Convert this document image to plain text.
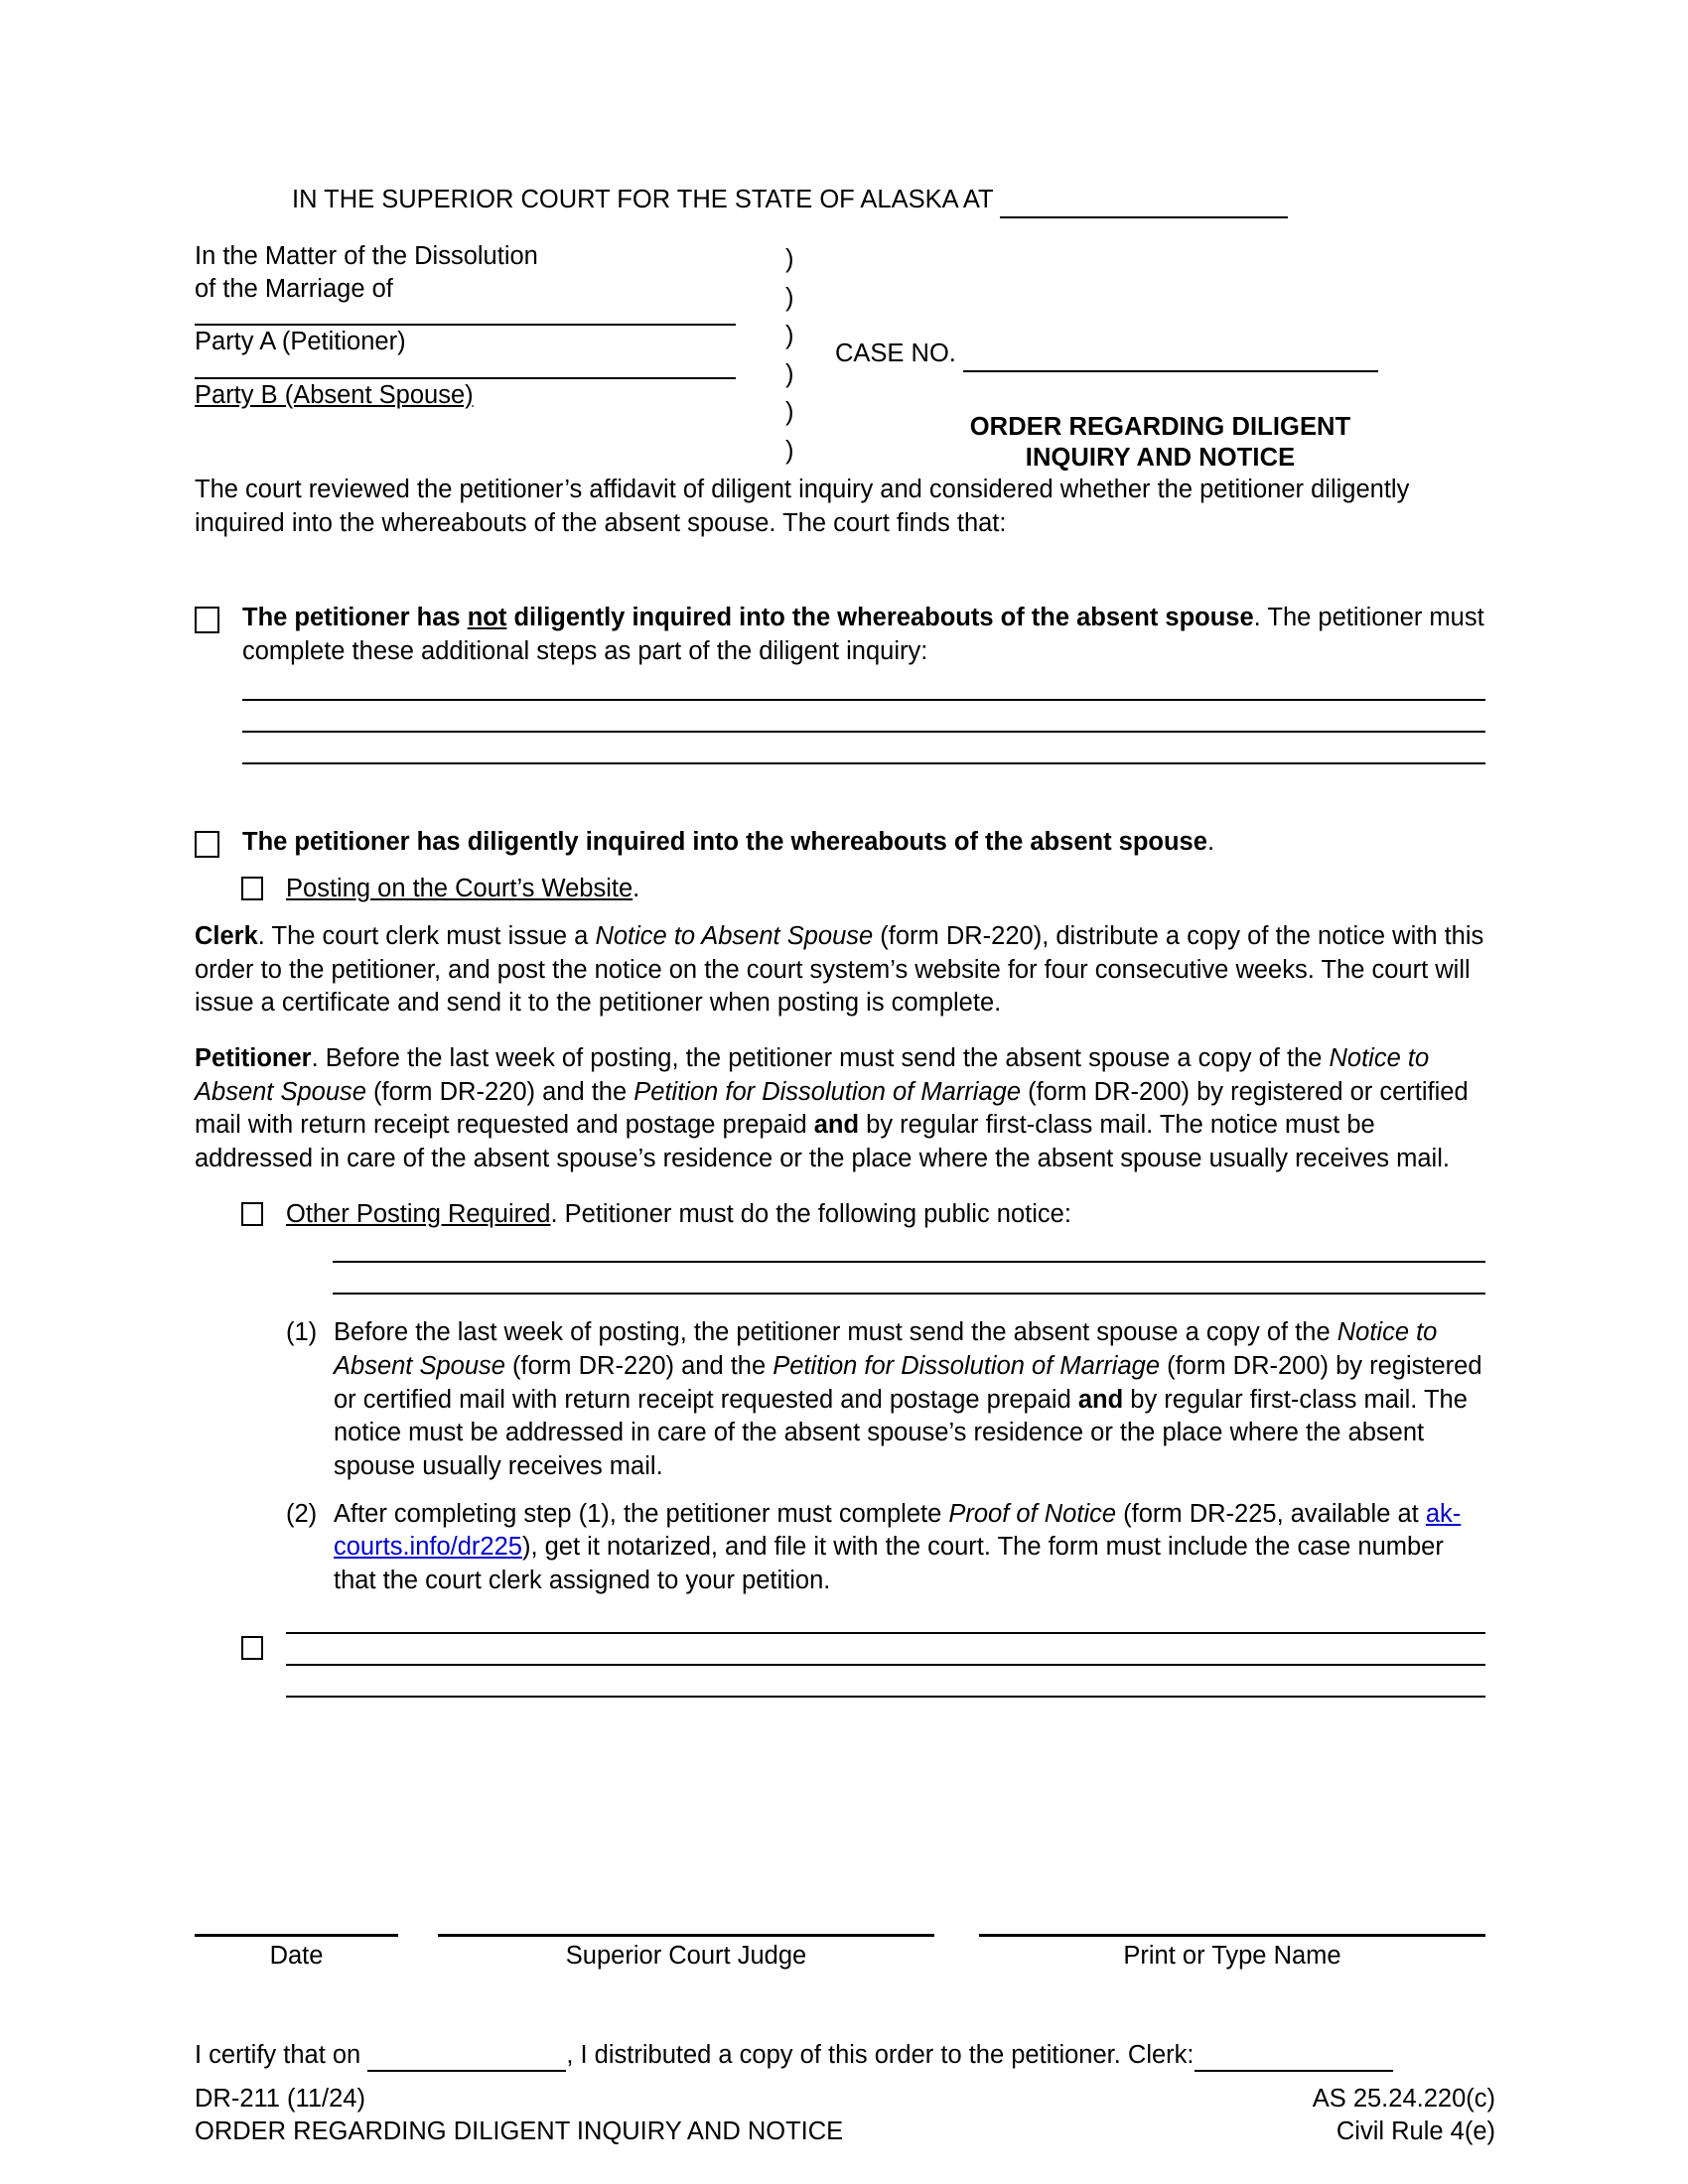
IN THE SUPERIOR COURT FOR THE STATE OF ALASKA AT
In the Matter of the Dissolution
of the Marriage of
Party A (Petitioner)
Party B (Absent Spouse)
)
)
)
)
)
)
CASE NO.
ORDER REGARDING DILIGENT
INQUIRY AND NOTICE

The court reviewed the petitioner’s affidavit of diligent inquiry and considered whether the petitioner diligently inquired into the whereabouts of the absent spouse. The court finds that:

The petitioner has not diligently inquired into the whereabouts of the absent spouse. The petitioner must complete these additional steps as part of the diligent inquiry:
The petitioner has diligently inquired into the whereabouts of the absent spouse.
Posting on the Court’s Website.

Clerk. The court clerk must issue a Notice to Absent Spouse (form DR-220), distribute a copy of the notice with this order to the petitioner, and post the notice on the court system’s website for four consecutive weeks. The court will issue a certificate and send it to the petitioner when posting is complete.

Petitioner. Before the last week of posting, the petitioner must send the absent spouse a copy of the Notice to Absent Spouse (form DR-220) and the Petition for Dissolution of Marriage (form DR-200) by registered or certified mail with return receipt requested and postage prepaid and by regular first-class mail. The notice must be addressed in care of the absent spouse’s residence or the place where the absent spouse usually receives mail.

Other Posting Required. Petitioner must do the following public notice:
(1) Before the last week of posting, the petitioner must send the absent spouse a copy of the Notice to Absent Spouse (form DR-220) and the Petition for Dissolution of Marriage (form DR-200) by registered or certified mail with return receipt requested and postage prepaid and by regular first-class mail. The notice must be addressed in care of the absent spouse’s residence or the place where the absent spouse usually receives mail.
(2) After completing step (1), the petitioner must complete Proof of Notice (form DR-225, available at ak-courts.info/dr225), get it notarized, and file it with the court. The form must include the case number that the court clerk assigned to your petition.
Date	Superior Court Judge	Print or Type Name
I certify that on	, I distributed a copy of this order to the petitioner. Clerk:
DR-211 (11/24)	AS 25.24.220(c)
ORDER REGARDING DILIGENT INQUIRY AND NOTICE	Civil Rule 4(e)
